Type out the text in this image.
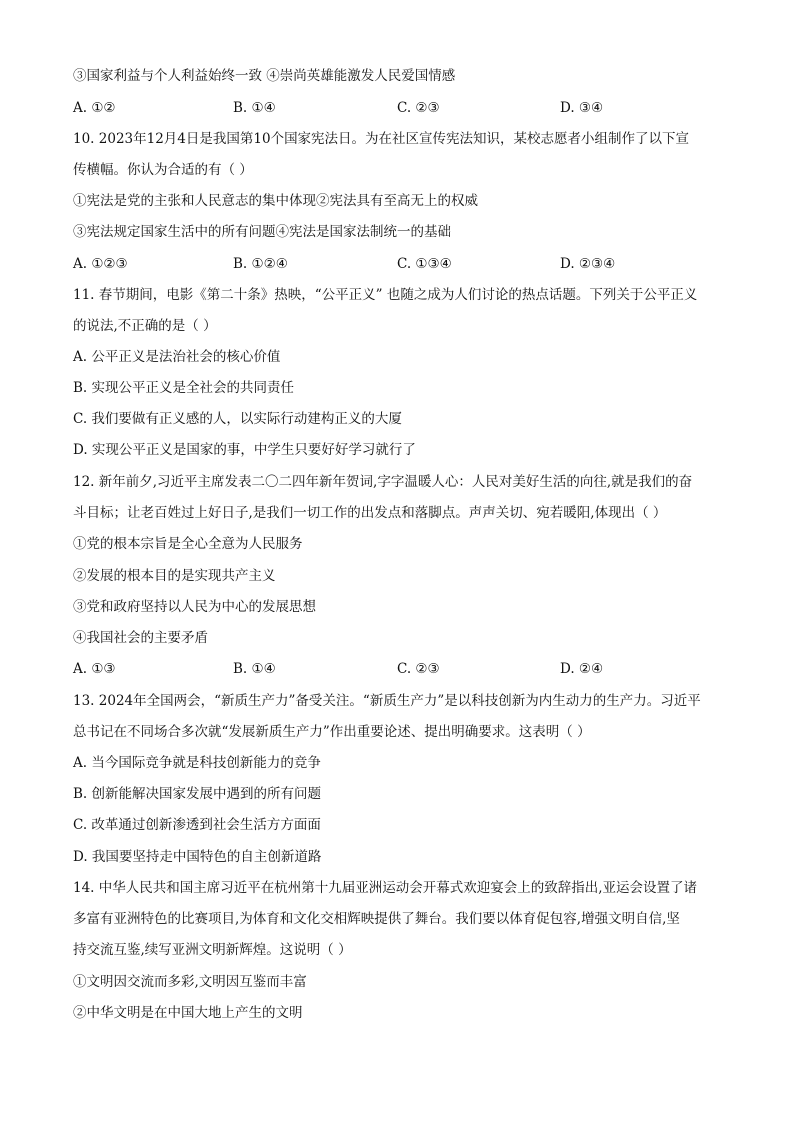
③国家利益与个人利益始终一致 ④崇尚英雄能激发人民爱国情感
A. ①②	B. ①④	C. ②③	D. ③④
10. 2023年12月4日是我国第10个国家宪法日。为在社区宣传宪法知识，某校志愿者小组制作了以下宣
传横幅。你认为合适的有（ ）
①宪法是党的主张和人民意志的集中体现②宪法具有至高无上的权威
③宪法规定国家生活中的所有问题④宪法是国家法制统一的基础
A. ①②③	B. ①②④	C. ①③④	D. ②③④
11. 春节期间，电影《第二十条》热映，“公平正义” 也随之成为人们讨论的热点话题。下列关于公平正义
的说法,不正确的是（ ）
A. 公平正义是法治社会的核心价值
B. 实现公平正义是全社会的共同责任
C. 我们要做有正义感的人，以实际行动建构正义的大厦
D. 实现公平正义是国家的事，中学生只要好好学习就行了
12. 新年前夕,习近平主席发表二〇二四年新年贺词,字字温暖人心：人民对美好生活的向往,就是我们的奋
斗目标；让老百姓过上好日子,是我们一切工作的出发点和落脚点。声声关切、宛若暖阳,体现出（ ）
①党的根本宗旨是全心全意为人民服务
②发展的根本目的是实现共产主义
③党和政府坚持以人民为中心的发展思想
④我国社会的主要矛盾
A. ①③	B. ①④	C. ②③	D. ②④
13. 2024年全国两会，“新质生产力”备受关注。“新质生产力”是以科技创新为内生动力的生产力。习近平
总书记在不同场合多次就“发展新质生产力”作出重要论述、提出明确要求。这表明（ ）
A. 当今国际竞争就是科技创新能力的竞争
B. 创新能解决国家发展中遇到的所有问题
C. 改革通过创新渗透到社会生活方方面面
D. 我国要坚持走中国特色的自主创新道路
14. 中华人民共和国主席习近平在杭州第十九届亚洲运动会开幕式欢迎宴会上的致辞指出,亚运会设置了诸
多富有亚洲特色的比赛项目,为体育和文化交相辉映提供了舞台。我们要以体育促包容,增强文明自信,坚
持交流互鉴,续写亚洲文明新辉煌。这说明（ ）
①文明因交流而多彩,文明因互鉴而丰富
②中华文明是在中国大地上产生的文明
